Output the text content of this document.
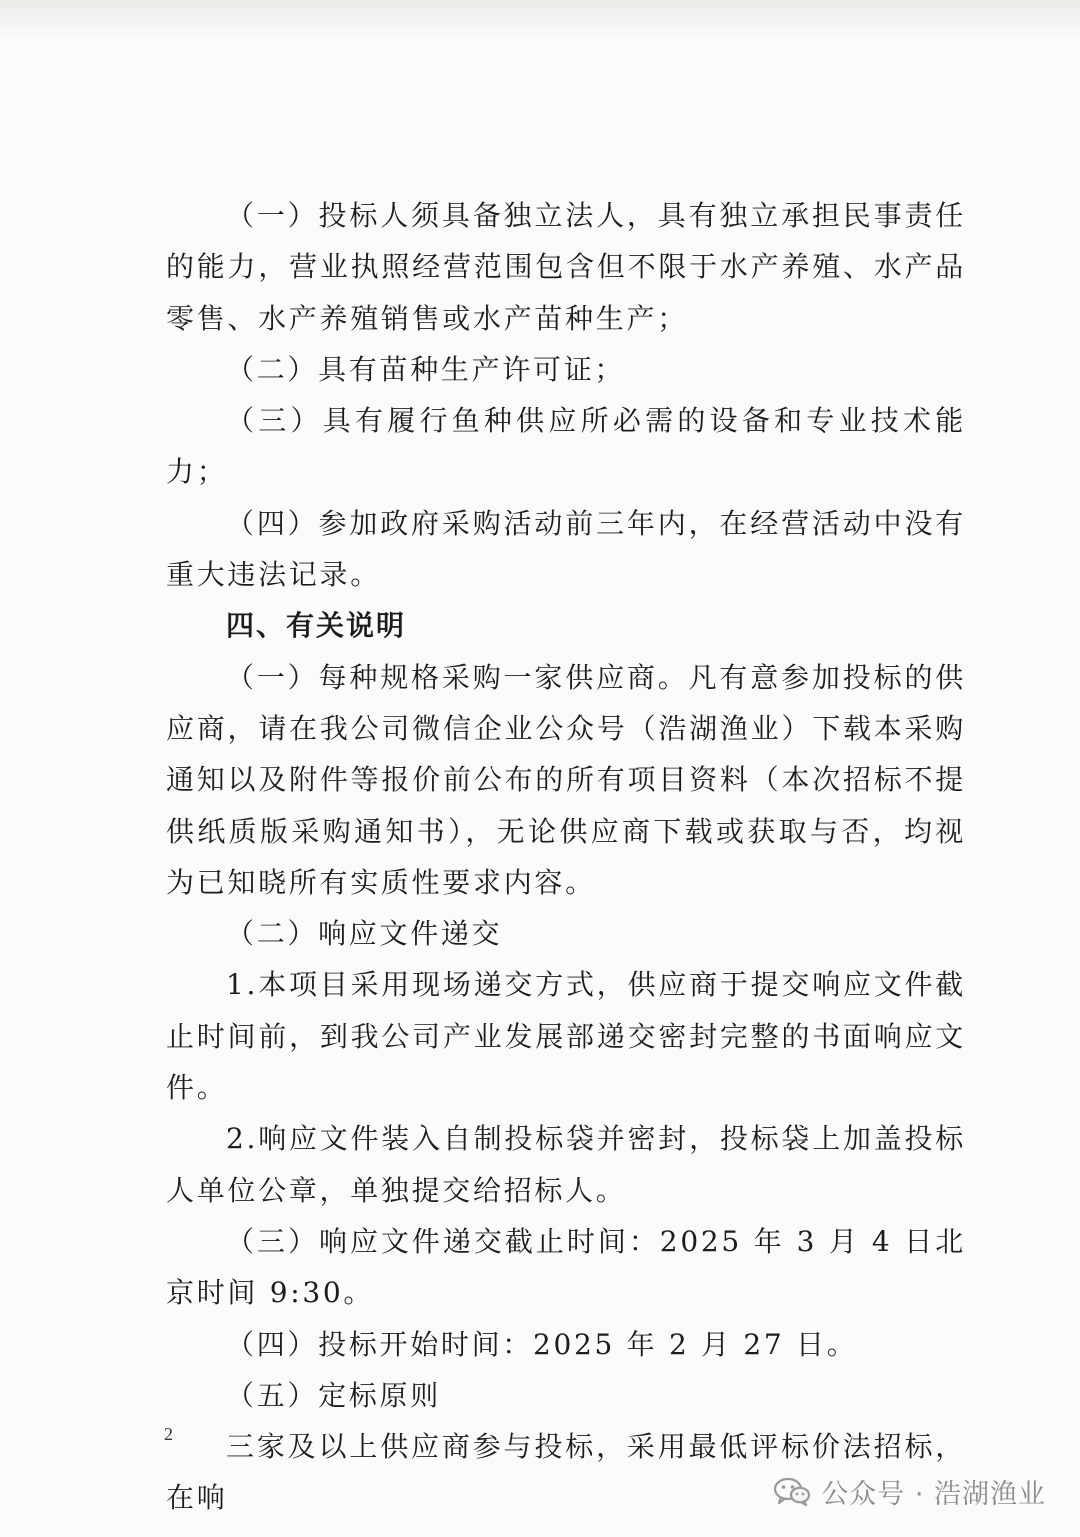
（一）投标人须具备独立法人，具有独立承担民事责任的能力，营业执照经营范围包含但不限于水产养殖、水产品零售、水产养殖销售或水产苗种生产；

（二）具有苗种生产许可证；

（三）具有履行鱼种供应所必需的设备和专业技术能力；

（四）参加政府采购活动前三年内，在经营活动中没有重大违法记录。

四、有关说明

（一）每种规格采购一家供应商。凡有意参加投标的供应商，请在我公司微信企业公众号（浩湖渔业）下载本采购通知以及附件等报价前公布的所有项目资料（本次招标不提供纸质版采购通知书），无论供应商下载或获取与否，均视为已知晓所有实质性要求内容。

（二）响应文件递交

1.本项目采用现场递交方式，供应商于提交响应文件截止时间前，到我公司产业发展部递交密封完整的书面响应文件。

2.响应文件装入自制投标袋并密封，投标袋上加盖投标人单位公章，单独提交给招标人。

（三）响应文件递交截止时间：2025 年 3 月 4 日北京时间 9:30。

（四）投标开始时间：2025 年 2 月 27 日。

（五）定标原则

三家及以上供应商参与投标，采用最低评标价法招标，在响

2
公众号 · 浩湖渔业
